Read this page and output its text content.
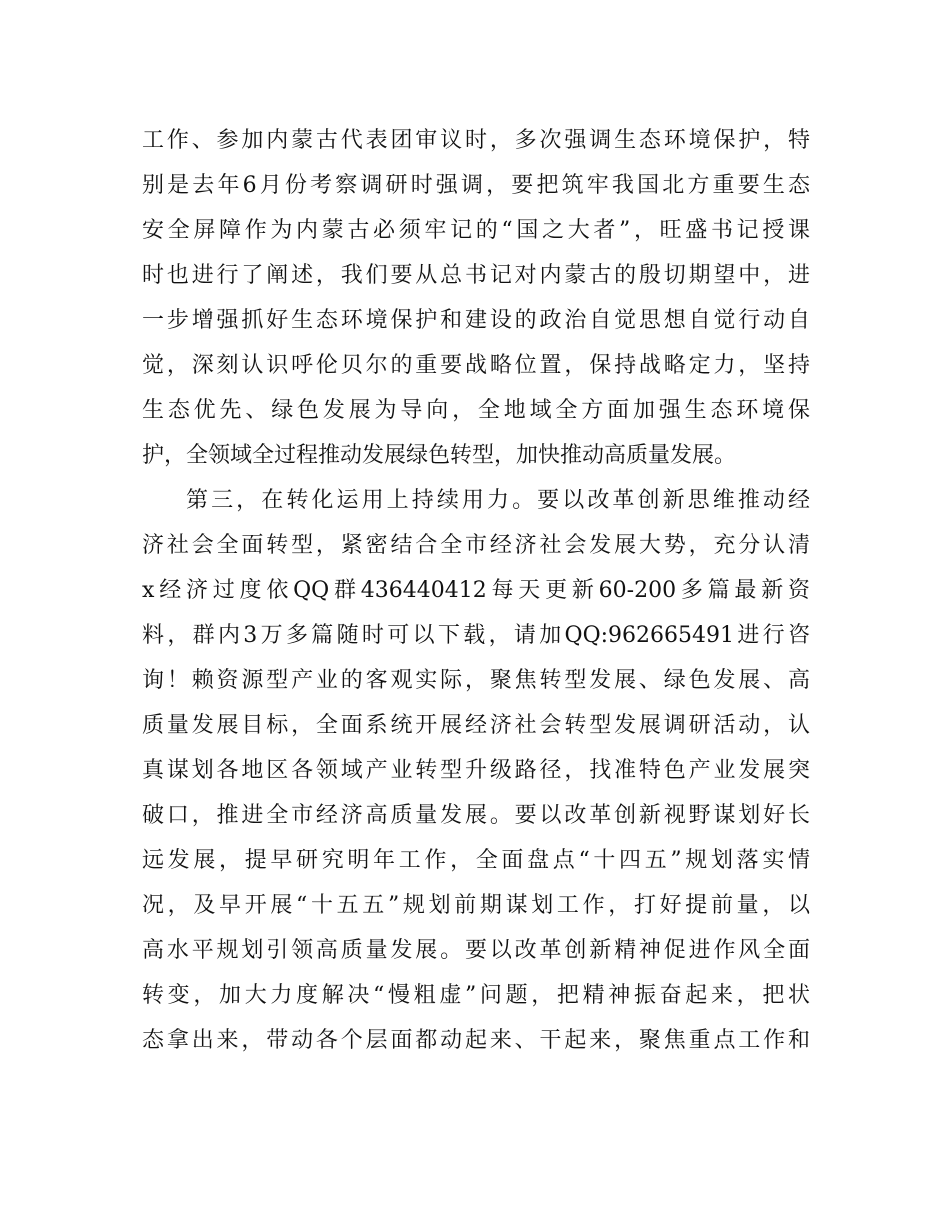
工作、参加内蒙古代表团审议时，多次强调生态环境保护，特
别是去年6月份考察调研时强调，要把筑牢我国北方重要生态
安全屏障作为内蒙古必须牢记的“国之大者”，旺盛书记授课
时也进行了阐述，我们要从总书记对内蒙古的殷切期望中，进
一步增强抓好生态环境保护和建设的政治自觉思想自觉行动自
觉，深刻认识呼伦贝尔的重要战略位置，保持战略定力，坚持
生态优先、绿色发展为导向，全地域全方面加强生态环境保
护，全领域全过程推动发展绿色转型，加快推动高质量发展。
第三，在转化运用上持续用力。要以改革创新思维推动经
济社会全面转型，紧密结合全市经济社会发展大势，充分认清
x经济过度依QQ群436440412每天更新60-200多篇最新资
料，群内3万多篇随时可以下载，请加QQ:962665491进行咨
询！赖资源型产业的客观实际，聚焦转型发展、绿色发展、高
质量发展目标，全面系统开展经济社会转型发展调研活动，认
真谋划各地区各领域产业转型升级路径，找准特色产业发展突
破口，推进全市经济高质量发展。要以改革创新视野谋划好长
远发展，提早研究明年工作，全面盘点“十四五”规划落实情
况，及早开展“十五五”规划前期谋划工作，打好提前量，以
高水平规划引领高质量发展。要以改革创新精神促进作风全面
转变，加大力度解决“慢粗虚”问题，把精神振奋起来，把状
态拿出来，带动各个层面都动起来、干起来，聚焦重点工作和
